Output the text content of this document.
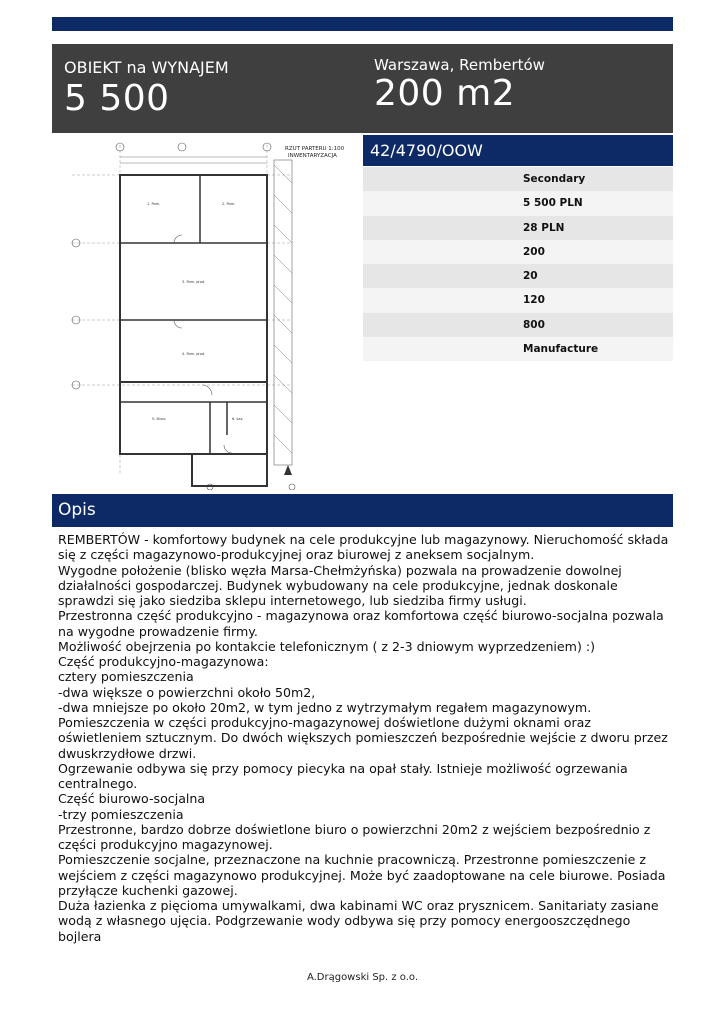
OBIEKT na WYNAJEM
5 500
Warszawa, Rembertów
200 m2
1. Pom.	2. Pom.
3. Pom. prod.
4. Pom. prod.
5. Biuro	6. Łaz.
RZUT PARTERU 1:100
INWENTARYZACJA	42/4790/OOW
Secondary
5 500 PLN
28 PLN
200
20
120
800
Manufacture
Opis
REMBERTÓW - komfortowy budynek na cele produkcyjne lub magazynowy. Nieruchomość składa się z części magazynowo-produkcyjnej oraz biurowej z aneksem socjalnym.
Wygodne położenie (blisko węzła Marsa-Chełmżyńska) pozwala na prowadzenie dowolnej działalności gospodarczej. Budynek wybudowany na cele produkcyjne, jednak doskonale sprawdzi się jako siedziba sklepu internetowego, lub siedziba firmy usługi.
Przestronna część produkcyjno - magazynowa oraz komfortowa część biurowo-socjalna pozwala na wygodne prowadzenie firmy.
Możliwość obejrzenia po kontakcie telefonicznym ( z 2-3 dniowym wyprzedzeniem) :)
Część produkcyjno-magazynowa:
cztery pomieszczenia
-dwa większe o powierzchni około 50m2,
-dwa mniejsze po około 20m2, w tym jedno z wytrzymałym regałem magazynowym.
Pomieszczenia w części produkcyjno-magazynowej doświetlone dużymi oknami oraz oświetleniem sztucznym. Do dwóch większych pomieszczeń bezpośrednie wejście z dworu przez dwuskrzydłowe drzwi.
Ogrzewanie odbywa się przy pomocy piecyka na opał stały. Istnieje możliwość ogrzewania centralnego.
Część biurowo-socjalna
-trzy pomieszczenia
Przestronne, bardzo dobrze doświetlone biuro o powierzchni 20m2 z wejściem bezpośrednio z części produkcyjno magazynowej.
Pomieszczenie socjalne, przeznaczone na kuchnie pracowniczą. Przestronne pomieszczenie z wejściem z części magazynowo produkcyjnej. Może być zaadoptowane na cele biurowe. Posiada przyłącze kuchenki gazowej.
Duża łazienka z pięcioma umywalkami, dwa kabinami WC oraz prysznicem. Sanitariaty zasiane wodą z własnego ujęcia. Podgrzewanie wody odbywa się przy pomocy energooszczędnego bojlera
A.Drągowski Sp. z o.o.
